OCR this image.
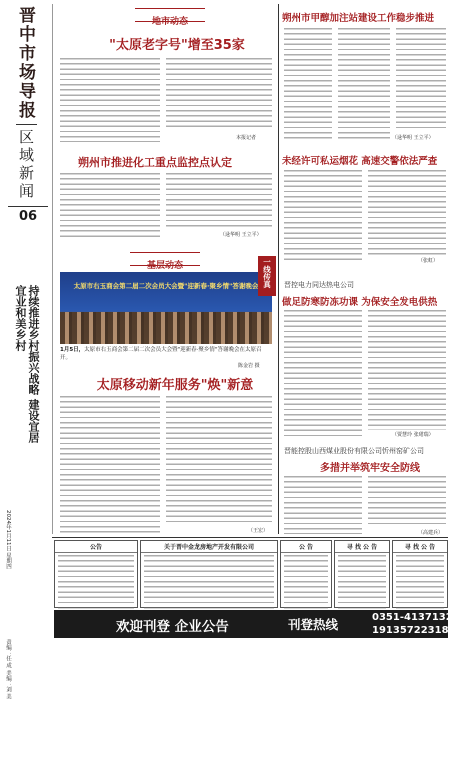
晋中市场导报
区域新闻
06
持续推进乡村振兴战略 建设宜居宜业和美乡村
2024年1月11日 星期四 责编：任 成 美编：刘 美
地市动态
"太原老字号"增至35家
本报记者
朔州市推进化工重点监控点认定
（逯华明 王立平）
基层动态
太原市右玉商会第二届二次会员大会暨"迎新春·聚乡情"答谢晚会
1月5日，太原市右玉商会第二届二次会员大会暨"迎新春·聚乡情"答谢晚会在太原召开。
陈金岩 摄
太原移动新年服务"焕"新意
（王宏）
朔州市甲醇加注站建设工作稳步推进
（逯华明 王立平）
未经许可私运烟花 高速交警依法严查
（张虹）
一线传真 晋控电力同达热电公司
做足防寒防冻功课 为保安全发电供热
（贾慧玲 张珺瑞）
晋能控股山西煤业股份有限公司忻州窑矿公司
多措并举筑牢安全防线
（高建兵）
公告	关于晋中金龙房地产开发有限公司	公 告	寻 找 公 告	寻 找 公 告
欢迎刊登 企业公告	刊登热线	0351-4137132
19135722318
